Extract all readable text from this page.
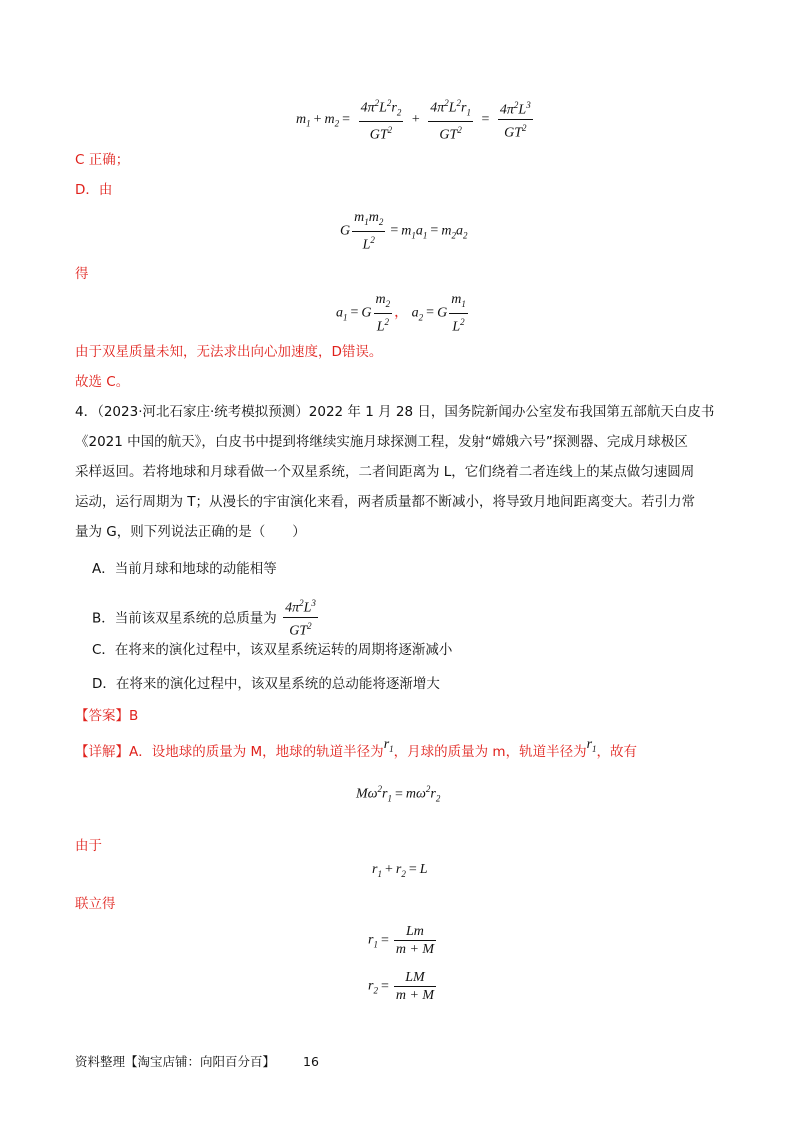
$m_1 + m_2 = \frac{4\pi^2L^2r_2}{GT^2} + \frac{4\pi^2L^2r_1}{GT^2} = \frac{4\pi^2L^3}{GT^2}$
C 正确；
D．由
G $\frac{m_1m_2}{L^2} = m_1a_1 = m_2a_2$
得
$a_1 = G \frac{m_2}{L^2}$ ， $a_2 = G \frac{m_1}{L^2}$
由于双星质量未知，无法求出向心加速度，D错误。
故选 C。
4．（2023·河北石家庄·统考模拟预测）2022 年 1 月 28 日，国务院新闻办公室发布我国第五部航天白皮书
《2021 中国的航天》，白皮书中提到将继续实施月球探测工程，发射“嫦娥六号”探测器、完成月球极区
采样返回。若将地球和月球看做一个双星系统，二者间距离为 L，它们绕着二者连线上的某点做匀速圆周
运动，运行周期为 T；从漫长的宇宙演化来看，两者质量都不断减小，将导致月地间距离变大。若引力常
量为 G，则下列说法正确的是（　　）
A．当前月球和地球的动能相等
B．当前该双星系统的总质量为 $\frac{4\pi^2L^3}{GT^2}$
C．在将来的演化过程中，该双星系统运转的周期将逐渐减小
D．在将来的演化过程中，该双星系统的总动能将逐渐增大
【答案】B
【详解】A．设地球的质量为 M，地球的轨道半径为$r_1$，月球的质量为 m，轨道半径为$r_1$，故有
$M\omega^2r_1 = m\omega^2r_2$
由于
$r_1 + r_2 = L$
联立得
$r_1 = \frac{Lm}{m + M}$
$r_2 = \frac{LM}{m + M}$
资料整理【淘宝店铺：向阳百分百】 16
